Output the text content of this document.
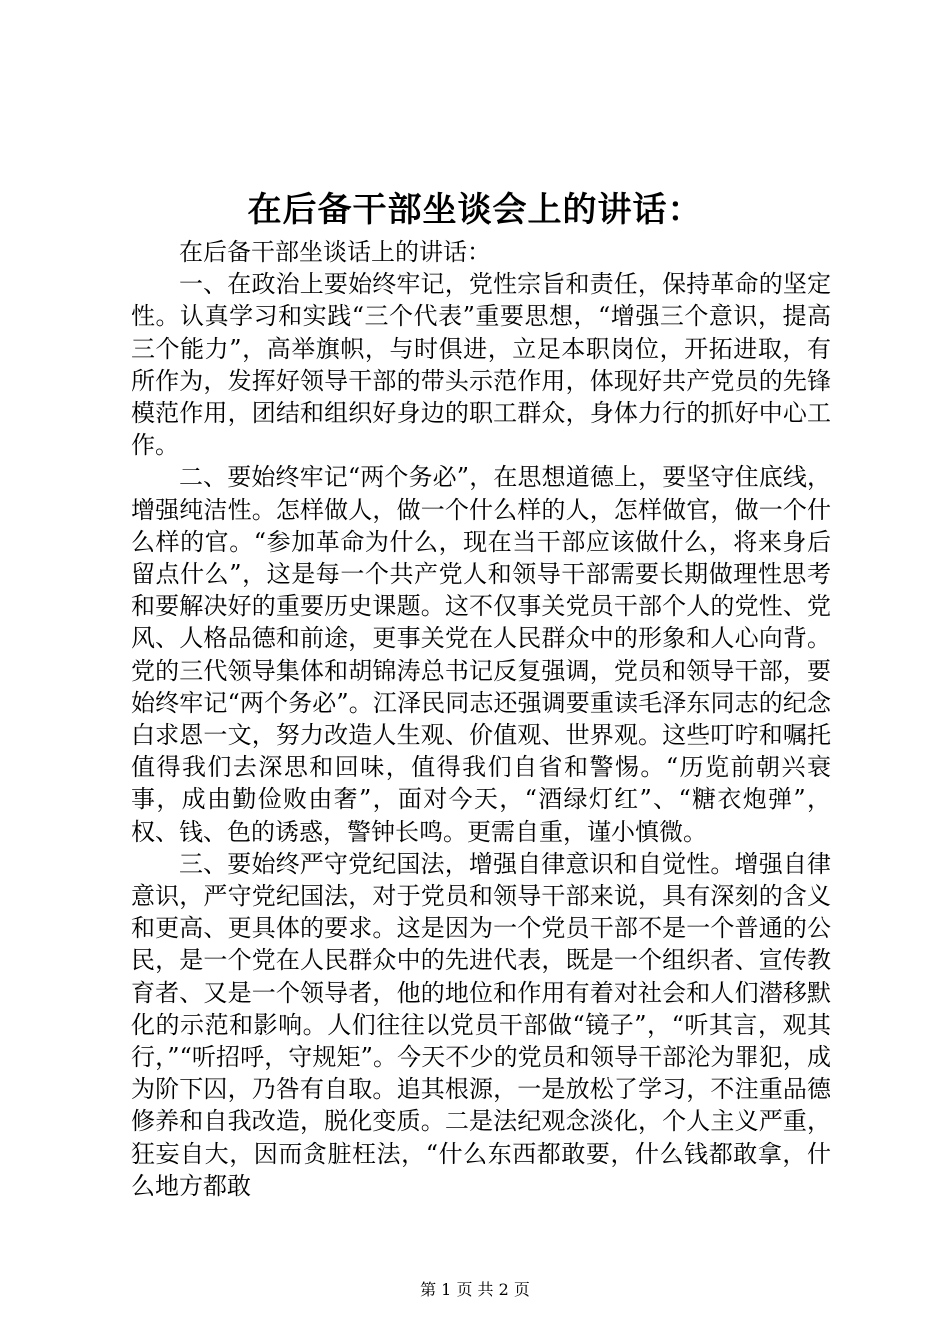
在后备干部坐谈会上的讲话：

在后备干部坐谈话上的讲话：

一、在政治上要始终牢记，党性宗旨和责任，保持革命的坚定性。认真学习和实践“三个代表”重要思想，“增强三个意识，提高三个能力”，高举旗帜，与时俱进，立足本职岗位，开拓进取，有所作为，发挥好领导干部的带头示范作用，体现好共产党员的先锋模范作用，团结和组织好身边的职工群众，身体力行的抓好中心工作。

二、要始终牢记“两个务必”，在思想道德上，要坚守住底线，增强纯洁性。怎样做人，做一个什么样的人，怎样做官，做一个什么样的官。“参加革命为什么，现在当干部应该做什么，将来身后留点什么”，这是每一个共产党人和领导干部需要长期做理性思考和要解决好的重要历史课题。这不仅事关党员干部个人的党性、党风、人格品德和前途，更事关党在人民群众中的形象和人心向背。党的三代领导集体和胡锦涛总书记反复强调，党员和领导干部，要始终牢记“两个务必”。江泽民同志还强调要重读毛泽东同志的纪念白求恩一文，努力改造人生观、价值观、世界观。这些叮咛和嘱托值得我们去深思和回味，值得我们自省和警惕。“历览前朝兴衰事，成由勤俭败由奢”，面对今天，“酒绿灯红”、“糖衣炮弹”，权、钱、色的诱惑，警钟长鸣。更需自重，谨小慎微。

三、要始终严守党纪国法，增强自律意识和自觉性。增强自律意识，严守党纪国法，对于党员和领导干部来说，具有深刻的含义和更高、更具体的要求。这是因为一个党员干部不是一个普通的公民，是一个党在人民群众中的先进代表，既是一个组织者、宣传教育者、又是一个领导者，他的地位和作用有着对社会和人们潜移默化的示范和影响。人们往往以党员干部做“镜子”，“听其言，观其行，”“听招呼，守规矩”。今天不少的党员和领导干部沦为罪犯，成为阶下囚，乃咎有自取。追其根源，一是放松了学习，不注重品德修养和自我改造，脱化变质。二是法纪观念淡化，个人主义严重，狂妄自大，因而贪脏枉法，“什么东西都敢要，什么钱都敢拿，什么地方都敢

第 1 页 共 2 页
